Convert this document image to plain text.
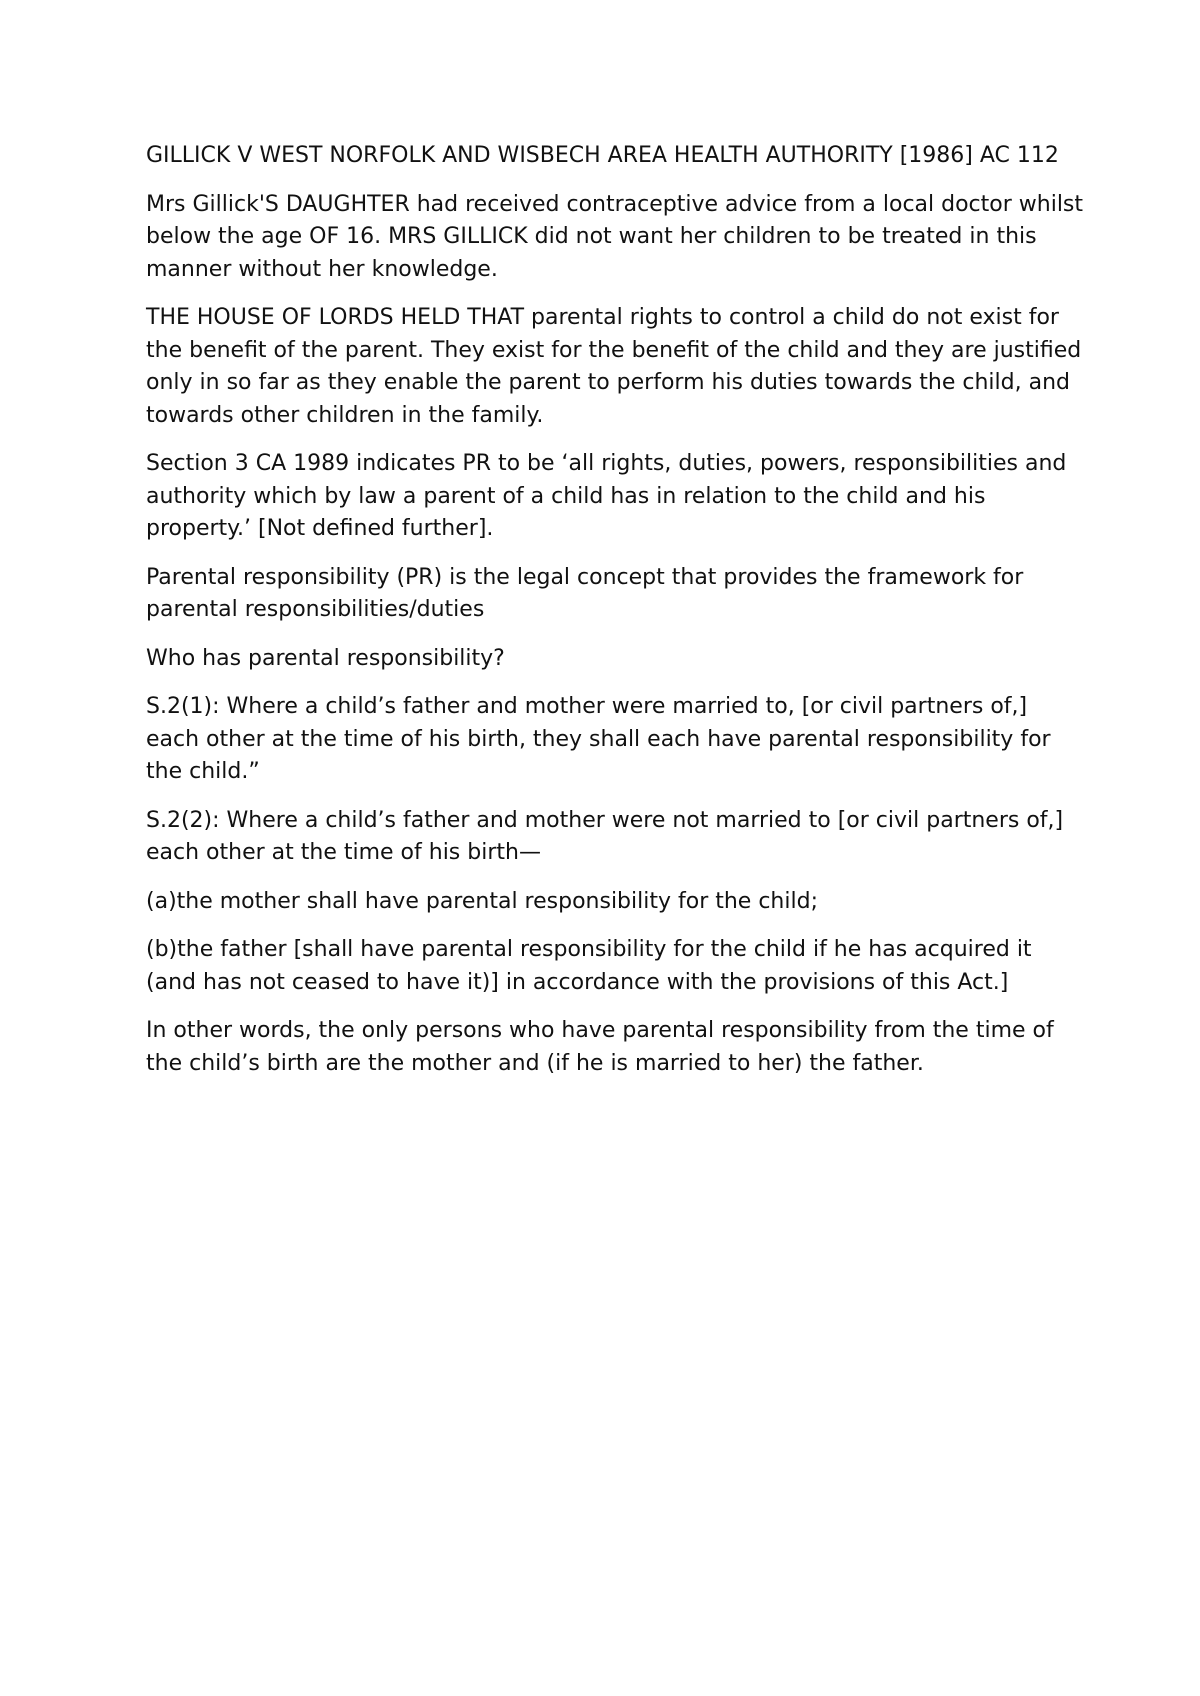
GILLICK V WEST NORFOLK AND WISBECH AREA HEALTH AUTHORITY [1986] AC 112

Mrs Gillick'S DAUGHTER had received contraceptive advice from a local doctor whilst below the age OF 16. MRS GILLICK did not want her children to be treated in this manner without her knowledge.

THE HOUSE OF LORDS HELD THAT parental rights to control a child do not exist for the benefit of the parent. They exist for the benefit of the child and they are justified only in so far as they enable the parent to perform his duties towards the child, and towards other children in the family.

Section 3 CA 1989 indicates PR to be ‘all rights, duties, powers, responsibilities and authority which by law a parent of a child has in relation to the child and his property.’ [Not defined further].

Parental responsibility (PR) is the legal concept that provides the framework for parental responsibilities/duties

Who has parental responsibility?

S.2(1): Where a child’s father and mother were married to, [or civil partners of,] each other at the time of his birth, they shall each have parental responsibility for the child.”

S.2(2): Where a child’s father and mother were not married to [or civil partners of,] each other at the time of his birth—

(a)the mother shall have parental responsibility for the child;

(b)the father [shall have parental responsibility for the child if he has acquired it (and has not ceased to have it)] in accordance with the provisions of this Act.]

In other words, the only persons who have parental responsibility from the time of the child’s birth are the mother and (if he is married to her) the father.
